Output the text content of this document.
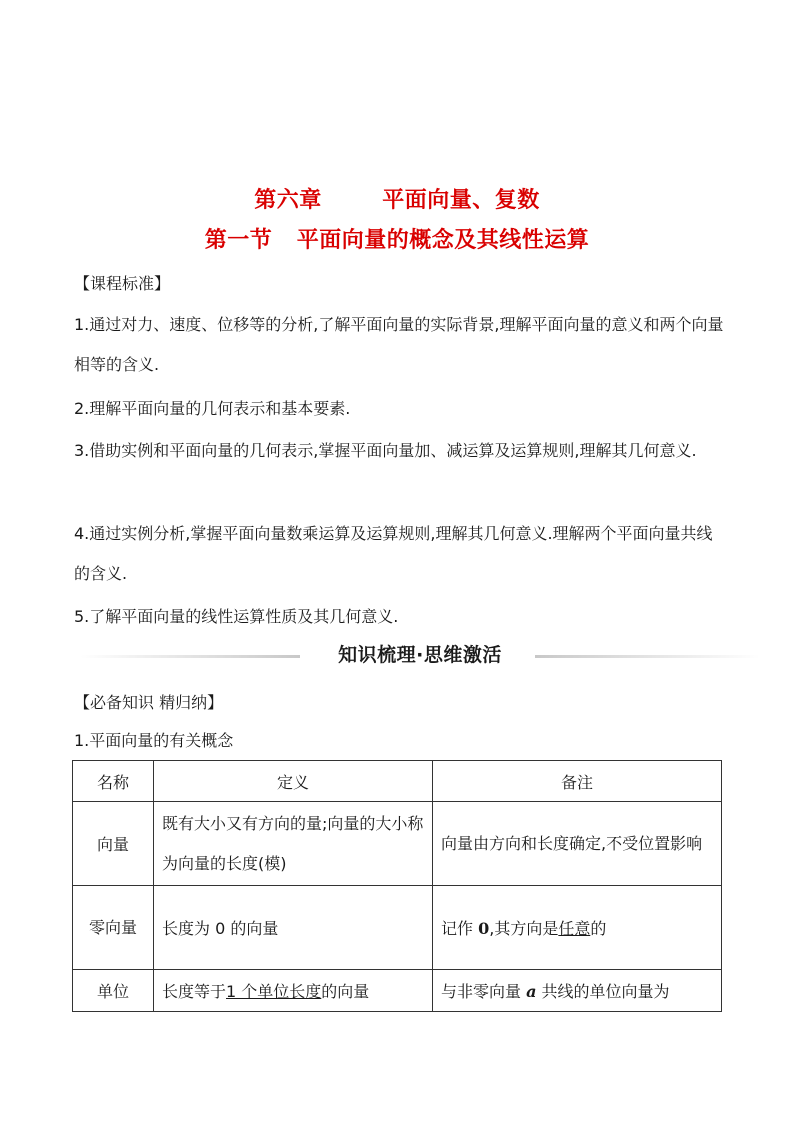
第六章   平面向量、复数
第一节   平面向量的概念及其线性运算
【课程标准】
1.通过对力、速度、位移等的分析,了解平面向量的实际背景,理解平面向量的意义和两个向量相等的含义.
2.理解平面向量的几何表示和基本要素.
3.借助实例和平面向量的几何表示,掌握平面向量加、减运算及运算规则,理解其几何意义.
4.通过实例分析,掌握平面向量数乘运算及运算规则,理解其几何意义.理解两个平面向量共线的含义.
5.了解平面向量的线性运算性质及其几何意义.
知识梳理·思维激活
【必备知识 精归纳】
1.平面向量的有关概念
名称	定义	备注
向量	既有大小又有方向的量;向量的大小称为向量的长度(模)	向量由方向和长度确定,不受位置影响
零向量	长度为 0 的向量	记作 0,其方向是任意的
单位	长度等于1 个单位长度的向量	与非零向量 a 共线的单位向量为
